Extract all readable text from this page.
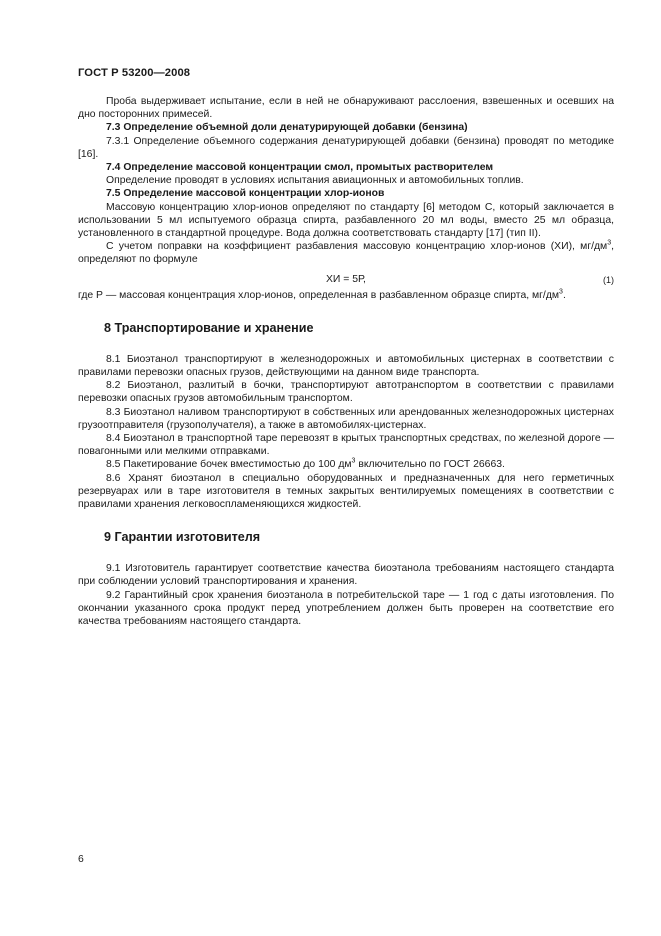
ГОСТ Р 53200—2008

Проба выдерживает испытание, если в ней не обнаруживают расслоения, взвешенных и осевших на дно посторонних примесей.

7.3 Определение объемной доли денатурирующей добавки (бензина)

7.3.1 Определение объемного содержания денатурирующей добавки (бензина) проводят по методике [16].

7.4 Определение массовой концентрации смол, промытых растворителем

Определение проводят в условиях испытания авиационных и автомобильных топлив.

7.5 Определение массовой концентрации хлор-ионов

Массовую концентрацию хлор-ионов определяют по стандарту [6] методом С, который заключается в использовании 5 мл испытуемого образца спирта, разбавленного 20 мл воды, вместо 25 мл образца, установленного в стандартной процедуре. Вода должна соответствовать стандарту [17] (тип II).

С учетом поправки на коэффициент разбавления массовую концентрацию хлор-ионов (ХИ), $мг/дм^3$, определяют по формуле

ХИ = 5Р,	(1)

где Р — массовая концентрация хлор-ионов, определенная в разбавленном образце спирта, $мг/дм^3$.

8 Транспортирование и хранение

8.1 Биоэтанол транспортируют в железнодорожных и автомобильных цистернах в соответствии с правилами перевозки опасных грузов, действующими на данном виде транспорта.

8.2 Биоэтанол, разлитый в бочки, транспортируют автотранспортом в соответствии с правилами перевозки опасных грузов автомобильным транспортом.

8.3 Биоэтанол наливом транспортируют в собственных или арендованных железнодорожных цистернах грузоотправителя (грузополучателя), а также в автомобилях-цистернах.

8.4 Биоэтанол в транспортной таре перевозят в крытых транспортных средствах, по железной дороге — повагонными или мелкими отправками.

8.5 Пакетирование бочек вместимостью до 100 $дм^3$ включительно по ГОСТ 26663.

8.6 Хранят биоэтанол в специально оборудованных и предназначенных для него герметичных резервуарах или в таре изготовителя в темных закрытых вентилируемых помещениях в соответствии с правилами хранения легковоспламеняющихся жидкостей.

9 Гарантии изготовителя

9.1 Изготовитель гарантирует соответствие качества биоэтанола требованиям настоящего стандарта при соблюдении условий транспортирования и хранения.

9.2 Гарантийный срок хранения биоэтанола в потребительской таре — 1 год с даты изготовления. По окончании указанного срока продукт перед употреблением должен быть проверен на соответствие его качества требованиям настоящего стандарта.

6
